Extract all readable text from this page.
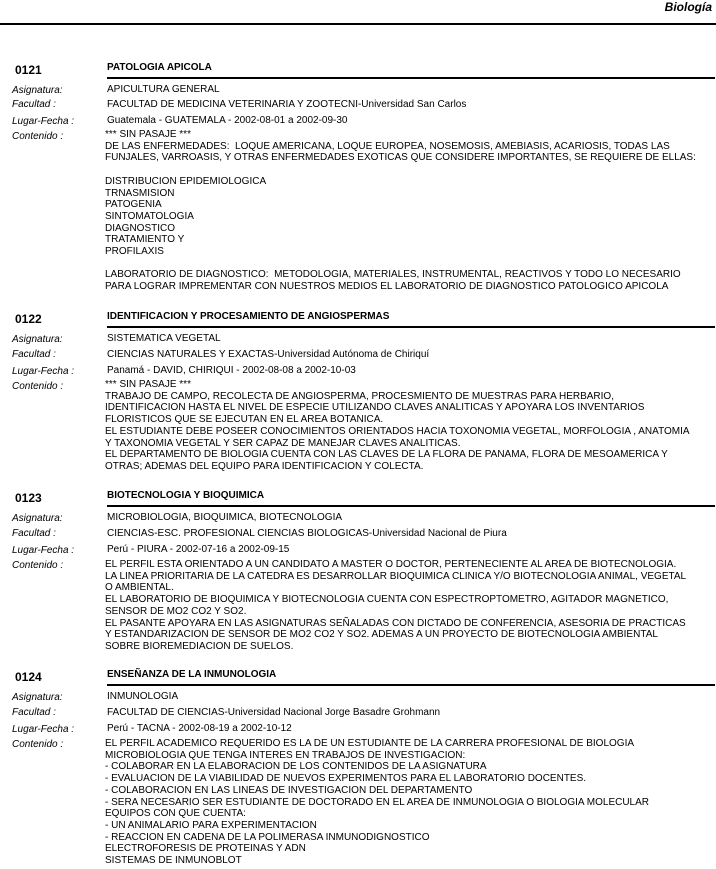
Biología
0121	PATOLOGIA APICOLA
Asignatura:	APICULTURA GENERAL
Facultad :	FACULTAD DE MEDICINA VETERINARIA Y ZOOTECNI-Universidad San Carlos
Lugar-Fecha :	Guatemala - GUATEMALA - 2002-08-01 a 2002-09-30
Contenido :	*** SIN PASAJE ***
DE LAS ENFERMEDADES:  LOQUE AMERICANA, LOQUE EUROPEA, NOSEMOSIS, AMEBIASIS, ACARIOSIS, TODAS LAS
FUNJALES, VARROASIS, Y OTRAS ENFERMEDADES EXOTICAS QUE CONSIDERE IMPORTANTES, SE REQUIERE DE ELLAS:

DISTRIBUCION EPIDEMIOLOGICA
TRNASMISION
PATOGENIA
SINTOMATOLOGIA
DIAGNOSTICO
TRATAMIENTO Y
PROFILAXIS

LABORATORIO DE DIAGNOSTICO:  METODOLOGIA, MATERIALES, INSTRUMENTAL, REACTIVOS Y TODO LO NECESARIO
PARA LOGRAR IMPREMENTAR CON NUESTROS MEDIOS EL LABORATORIO DE DIAGNOSTICO PATOLOGICO APICOLA
0122	IDENTIFICACION Y PROCESAMIENTO DE ANGIOSPERMAS
Asignatura:	SISTEMATICA VEGETAL
Facultad :	CIENCIAS NATURALES Y EXACTAS-Universidad Autónoma de Chiriquí
Lugar-Fecha :	Panamá - DAVID, CHIRIQUI - 2002-08-08 a 2002-10-03
Contenido :	*** SIN PASAJE ***
TRABAJO DE CAMPO, RECOLECTA DE ANGIOSPERMA, PROCESMIENTO DE MUESTRAS PARA HERBARIO,
IDENTIFICACION HASTA EL NIVEL DE ESPECIE UTILIZANDO CLAVES ANALITICAS Y APOYARA LOS INVENTARIOS
FLORISTICOS QUE SE EJECUTAN EN EL AREA BOTANICA.
EL ESTUDIANTE DEBE POSEER CONOCIMIENTOS ORIENTADOS HACIA TOXONOMIA VEGETAL, MORFOLOGIA , ANATOMIA
Y TAXONOMIA VEGETAL Y SER CAPAZ DE MANEJAR CLAVES ANALITICAS.
EL DEPARTAMENTO DE BIOLOGIA CUENTA CON LAS CLAVES DE LA FLORA DE PANAMA, FLORA DE MESOAMERICA Y
OTRAS; ADEMAS DEL EQUIPO PARA IDENTIFICACION Y COLECTA.
0123	BIOTECNOLOGIA Y BIOQUIMICA
Asignatura:	MICROBIOLOGIA, BIOQUIMICA, BIOTECNOLOGIA
Facultad :	CIENCIAS-ESC. PROFESIONAL CIENCIAS BIOLOGICAS-Universidad Nacional de Piura
Lugar-Fecha :	Perú - PIURA - 2002-07-16 a 2002-09-15
Contenido :	EL PERFIL ESTA ORIENTADO A UN CANDIDATO A MASTER O DOCTOR, PERTENECIENTE AL AREA DE BIOTECNOLOGIA.
LA LINEA PRIORITARIA DE LA CATEDRA ES DESARROLLAR BIOQUIMICA CLINICA Y/O BIOTECNOLOGIA ANIMAL, VEGETAL
O AMBIENTAL.
EL LABORATORIO DE BIOQUIMICA Y BIOTECNOLOGIA CUENTA CON ESPECTROPTOMETRO, AGITADOR MAGNETICO,
SENSOR DE MO2 CO2 Y SO2.
EL PASANTE APOYARA EN LAS ASIGNATURAS SEÑALADAS CON DICTADO DE CONFERENCIA, ASESORIA DE PRACTICAS
Y ESTANDARIZACION DE SENSOR DE MO2 CO2 Y SO2. ADEMAS A UN PROYECTO DE BIOTECNOLOGIA AMBIENTAL
SOBRE BIOREMEDIACION DE SUELOS.
0124	ENSEÑANZA DE LA INMUNOLOGIA
Asignatura:	INMUNOLOGIA
Facultad :	FACULTAD DE CIENCIAS-Universidad Nacional Jorge Basadre Grohmann
Lugar-Fecha :	Perú - TACNA - 2002-08-19 a 2002-10-12
Contenido :	EL PERFIL ACADEMICO REQUERIDO ES LA DE UN ESTUDIANTE DE LA CARRERA PROFESIONAL DE BIOLOGIA
MICROBIOLOGIA QUE TENGA INTERES EN TRABAJOS DE INVESTIGACION:
- COLABORAR EN LA ELABORACION DE LOS CONTENIDOS DE LA ASIGNATURA
- EVALUACION DE LA VIABILIDAD DE NUEVOS EXPERIMENTOS PARA EL LABORATORIO DOCENTES.
- COLABORACION EN LAS LINEAS DE INVESTIGACION DEL DEPARTAMENTO
- SERA NECESARIO SER ESTUDIANTE DE DOCTORADO EN EL AREA DE INMUNOLOGIA O BIOLOGIA MOLECULAR
EQUIPOS CON QUE CUENTA:
- UN ANIMALARIO PARA EXPERIMENTACION
- REACCION EN CADENA DE LA POLIMERASA INMUNODIGNOSTICO
ELECTROFORESIS DE PROTEINAS Y ADN
SISTEMAS DE INMUNOBLOT
